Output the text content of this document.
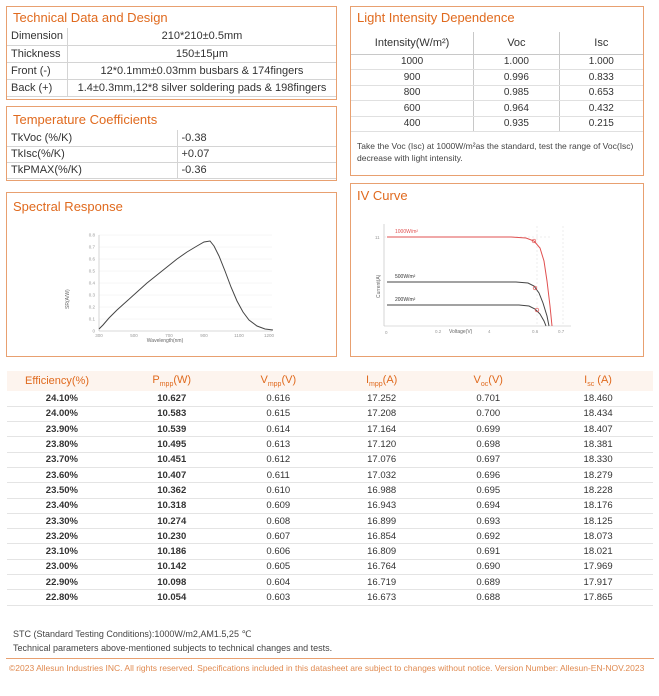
Technical Data and Design
Dimension	210*210±0.5mm
Thickness	150±15μm
Front (-)	12*0.1mm±0.03mm busbars & 174fingers
Back (+)	1.4±0.3mm,12*8 silver soldering pads & 198fingers
Temperature Coefficients
TkVoc (%/K)	-0.38
TkIsc(%/K)	+0.07
TkPMAX(%/K)	-0.36
Spectral Response
SR(A/W)
0.8
0.7
0.6
0.5
0.4
0.3
0.2
0.1
0
300	500	700	900	1100	1200
Wavelength(nm)
Light Intensity Dependence
Intensity(W/m²)	Voc	Isc
1000	1.000	1.000
900	0.996	0.833
800	0.985	0.653
600	0.964	0.432
400	0.935	0.215
Take the Voc (Isc) at 1000W/m²as the standard, test the range of Voc(Isc) decrease with light intensity.
IV Curve
Current(A)
11
1000W/m²
500W/m²
200W/m²
0	0.2 Voltage(V)	4	0.6	0.7
Efficiency(%)	$P_{mpp}(W)$	$V_{mpp}(V)$	$I_{mpp}(A)$	$V_{oc}(V)$	$I_{sc}$ (A)
24.10%	10.627	0.616	17.252	0.701	18.460
24.00%	10.583	0.615	17.208	0.700	18.434
23.90%	10.539	0.614	17.164	0.699	18.407
23.80%	10.495	0.613	17.120	0.698	18.381
23.70%	10.451	0.612	17.076	0.697	18.330
23.60%	10.407	0.611	17.032	0.696	18.279
23.50%	10.362	0.610	16.988	0.695	18.228
23.40%	10.318	0.609	16.943	0.694	18.176
23.30%	10.274	0.608	16.899	0.693	18.125
23.20%	10.230	0.607	16.854	0.692	18.073
23.10%	10.186	0.606	16.809	0.691	18.021
23.00%	10.142	0.605	16.764	0.690	17.969
22.90%	10.098	0.604	16.719	0.689	17.917
22.80%	10.054	0.603	16.673	0.688	17.865
STC (Standard Testing Conditions):1000W/m2,AM1.5,25 ℃
Technical parameters above-mentioned subjects to technical changes and tests.
©2023 Allesun Industries INC. All rights reserved. Specifications included in this datasheet are subject to changes without notice. Version Number: Allesun-EN-NOV.2023
